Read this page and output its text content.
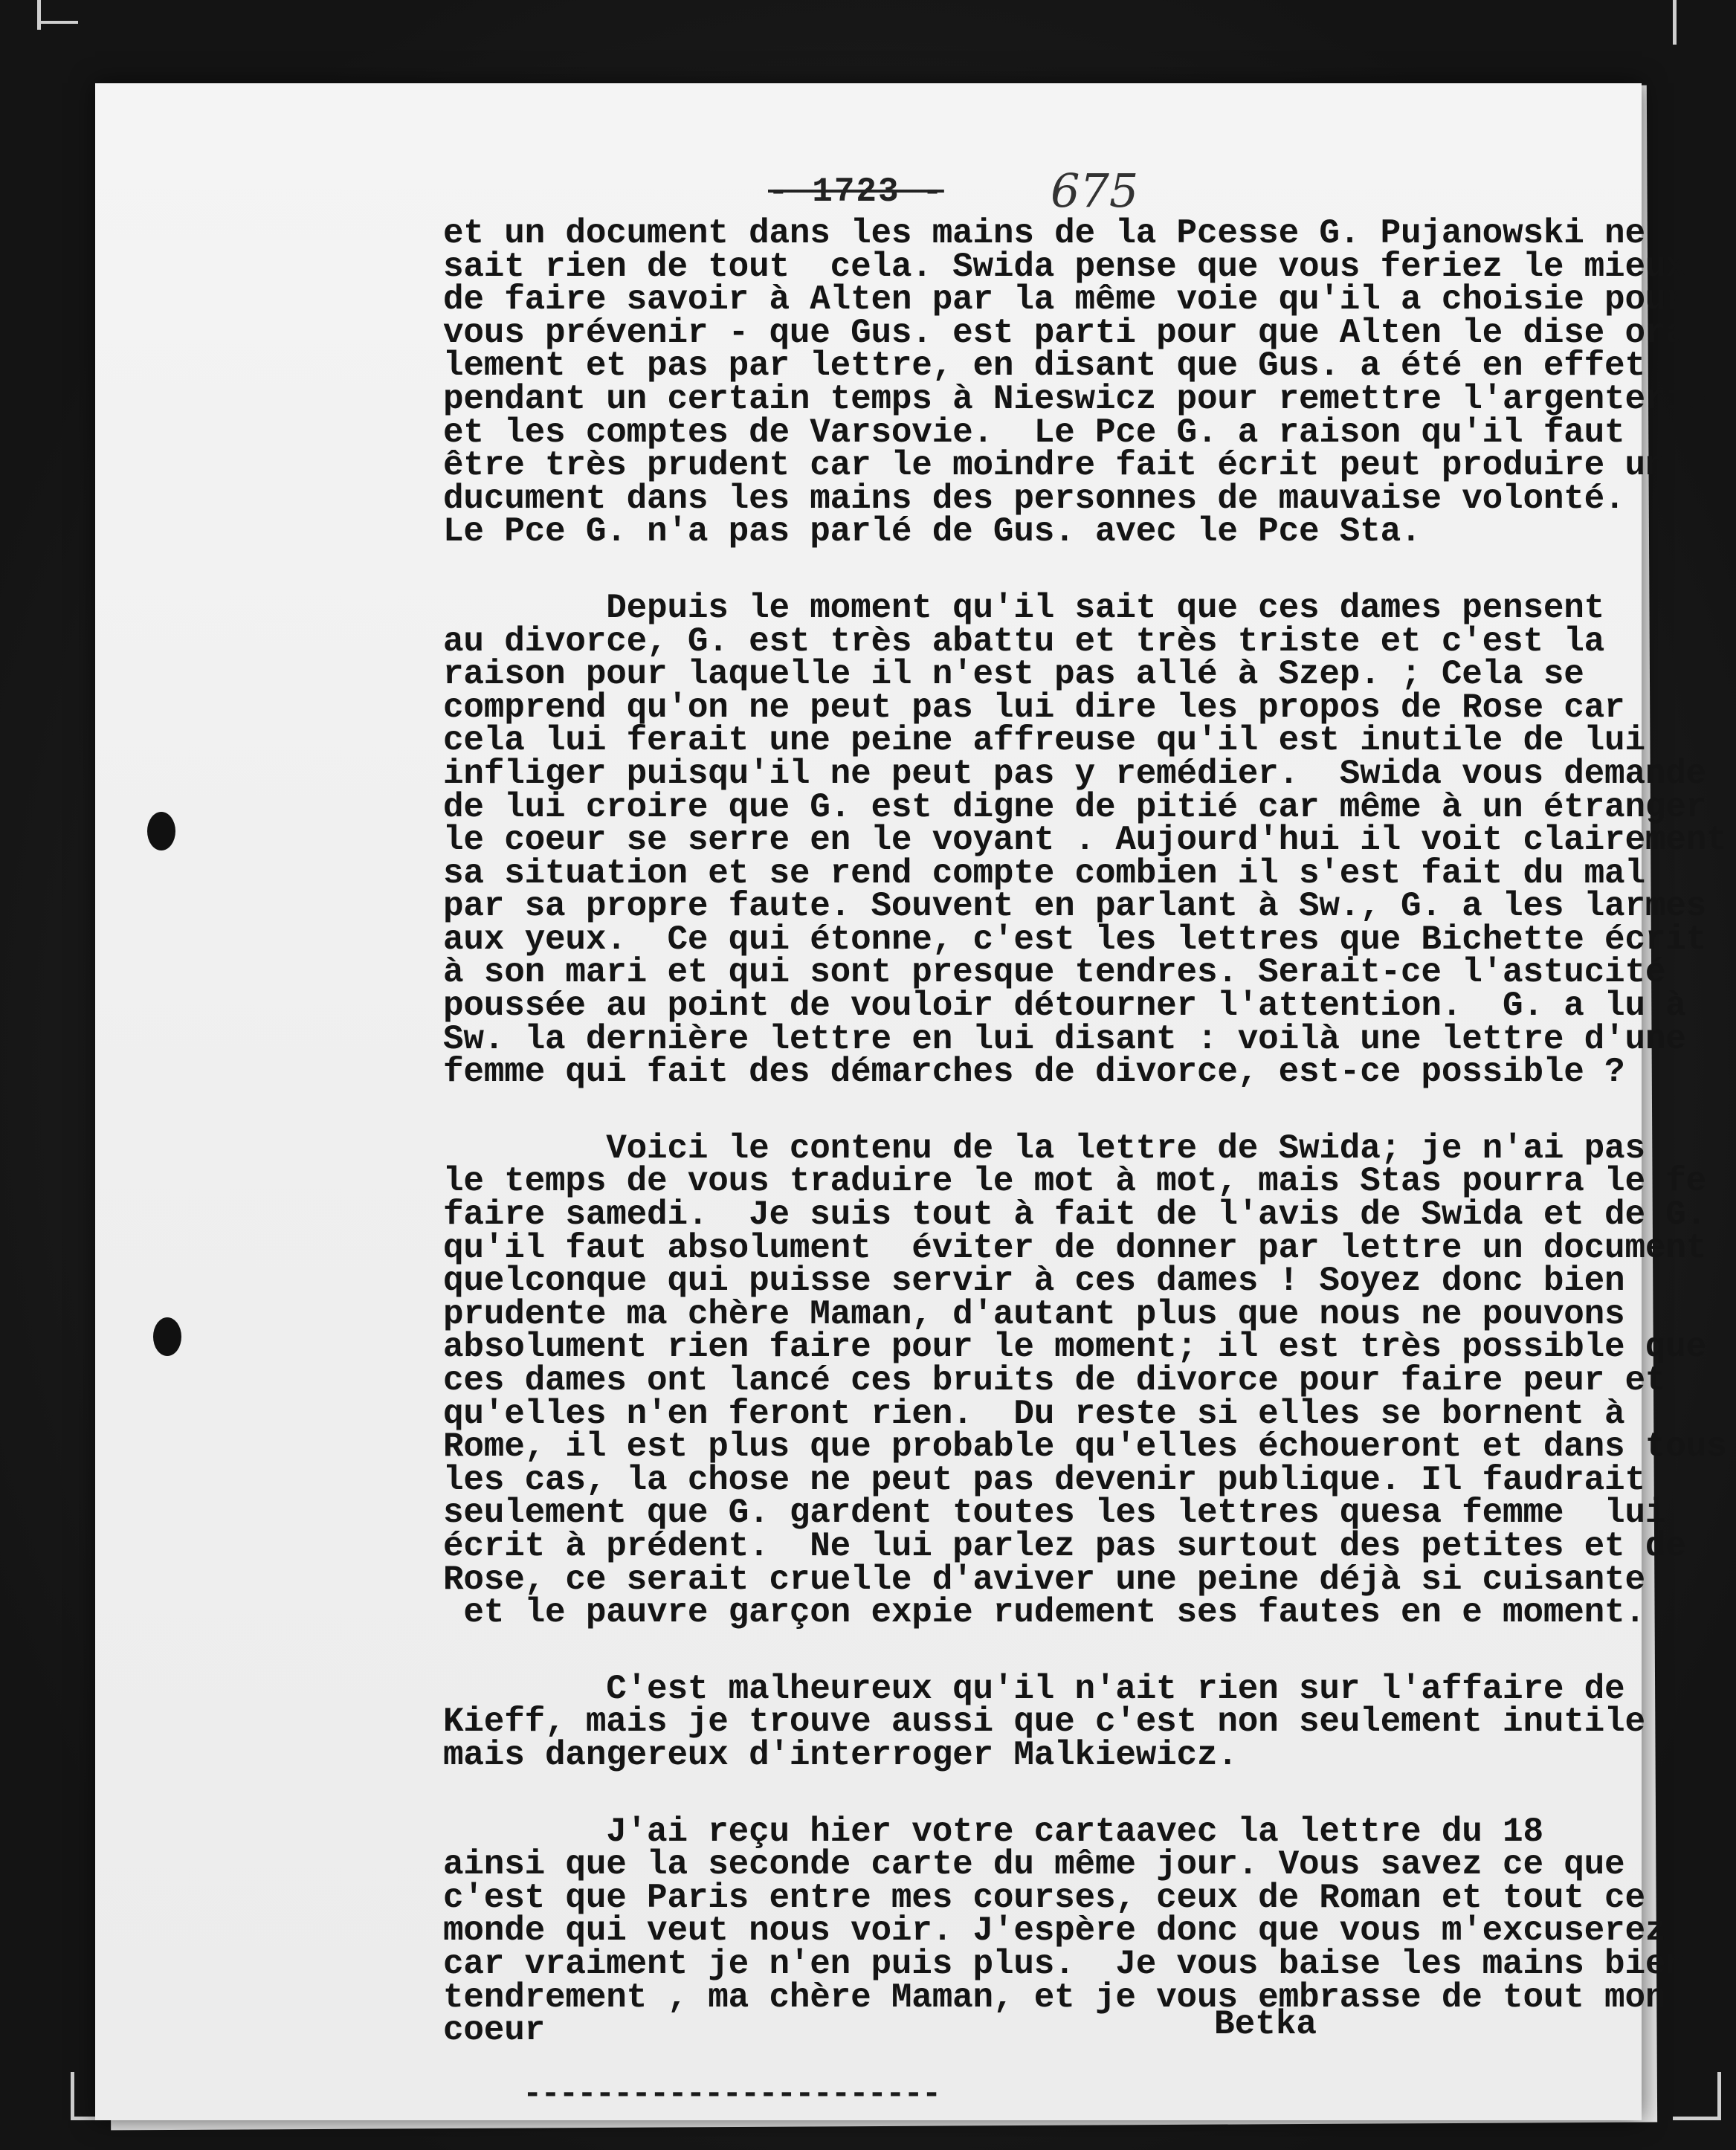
- 1723 - 675
et un document dans les mains de la Pcesse G. Pujanowski ne
sait rien de tout  cela. Swida pense que vous feriez le mieux
de faire savoir à Alten par la même voie qu'il a choisie pour
vous prévenir - que Gus. est parti pour que Alten le dise ora-
lement et pas par lettre, en disant que Gus. a été en effet
pendant un certain temps à Nieswicz pour remettre l'argenterie
et les comptes de Varsovie.  Le Pce G. a raison qu'il faut
être très prudent car le moindre fait écrit peut produire un
ducument dans les mains des personnes de mauvaise volonté.
Le Pce G. n'a pas parlé de Gus. avec le Pce Sta.
Depuis le moment qu'il sait que ces dames pensent
au divorce, G. est très abattu et très triste et c'est la
raison pour laquelle il n'est pas allé à Szep. ; Cela se
comprend qu'on ne peut pas lui dire les propos de Rose car
cela lui ferait une peine affreuse qu'il est inutile de lui
infliger puisqu'il ne peut pas y remédier.  Swida vous demande
de lui croire que G. est digne de pitié car même à un étranger
le coeur se serre en le voyant . Aujourd'hui il voit clairement
sa situation et se rend compte combien il s'est fait du mal
par sa propre faute. Souvent en parlant à Sw., G. a les larmes
aux yeux.  Ce qui étonne, c'est les lettres que Bichette écrit
à son mari et qui sont presque tendres. Serait-ce l'astucité
poussée au point de vouloir détourner l'attention.  G. a lu à
Sw. la dernière lettre en lui disant : voilà une lettre d'une
femme qui fait des démarches de divorce, est-ce possible ?
Voici le contenu de la lettre de Swida; je n'ai pas
le temps de vous traduire le mot à mot, mais Stas pourra le fe
faire samedi.  Je suis tout à fait de l'avis de Swida et de G.
qu'il faut absolument  éviter de donner par lettre un document
quelconque qui puisse servir à ces dames ! Soyez donc bien
prudente ma chère Maman, d'autant plus que nous ne pouvons
absolument rien faire pour le moment; il est très possible que
ces dames ont lancé ces bruits de divorce pour faire peur et
qu'elles n'en feront rien.  Du reste si elles se bornent à
Rome, il est plus que probable qu'elles échoueront et dans tous
les cas, la chose ne peut pas devenir publique. Il faudrait
seulement que G. gardent toutes les lettres quesa femme  lui
écrit à prédent.  Ne lui parlez pas surtout des petites et de
Rose, ce serait cruelle d'aviver une peine déjà si cuisante
et le pauvre garçon expie rudement ses fautes en e moment.
C'est malheureux qu'il n'ait rien sur l'affaire de
Kieff, mais je trouve aussi que c'est non seulement inutile
mais dangereux d'interroger Malkiewicz.
J'ai reçu hier votre cartaavec la lettre du 18
ainsi que la seconde carte du même jour. Vous savez ce que
c'est que Paris entre mes courses, ceux de Roman et tout ce
monde qui veut nous voir. J'espère donc que vous m'excuserez
car vraiment je n'en puis plus.  Je vous baise les mains bien
tendrement , ma chère Maman, et je vous embrasse de tout mon
coeur	Betka
-----------------------
